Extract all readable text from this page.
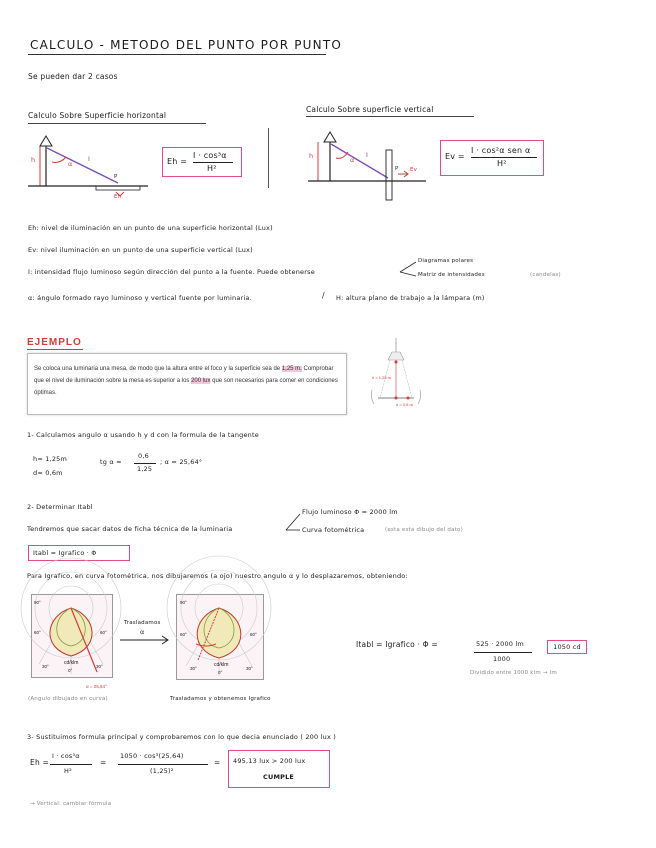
CALCULO - METODO DEL PUNTO POR PUNTO
Se pueden dar 2 casos
Calculo Sobre Superficie horizontal
h	α
I
P
Eh
Eh =
I · cos³α
H²
Calculo Sobre superficie vertical
h	α
I
P Ev
Ev =
I · cos²α sen α
H²
Eh: nivel de iluminación en un punto de una superficie horizontal (Lux)
Ev: nivel iluminación en un punto de una superficie vertical (Lux)
I: intensidad flujo luminoso según dirección del punto a la fuente. Puede obtenerse
Diagramas polares
Matriz de intensidades	(candelas)
α: ángulo formado rayo luminoso y vertical fuente por luminaria.	/ H: altura plano de trabajo a la lámpara (m)
EJEMPLO
Se coloca una luminaria una mesa, de modo que la altura entre el foco y la superficie sea de 1,25 m. Comprobar que el nivel de iluminación sobre la mesa es superior a los 200 lux que son necesarios para comer en condiciones óptimas.
h = 1,25 m
d = 0,6 m
1- Calculamos angulo α usando h y d con la formula de la tangente
h= 1,25m
d= 0,6m
tg α =
0,6
1,25
; α = 25,64°
2- Determinar Itabl
Tendremos que sacar datos de ficha técnica de la luminaria
Flujo luminoso Φ = 2000 lm
Curva fotométrica	(esta esta dibujo del dato)
Itabl = Igrafico · Φ
Para Igrafico, en curva fotométrica, nos dibujaremos (a ojo) nuestro angulo α y lo desplazaremos, obteniendo:
cd/klm
90°
60°
30°
0°
30°
60°
α = 25,64°
Trasladamos
α
cd/klm
90°
60°
30°
0°
30°
60°
(Angulo dibujado en curva)	Trasladamos y obtenemos Igrafico
Itabl = Igrafico · Φ =	525 · 2000 lm
1000
1050 cd
Dividido entre 1000 klm → lm
3- Sustituimos formula principal y comprobaremos con lo que decia enunciado ( 200 lux )
Eh =
I · cos³α
H²
=
1050 · cos³(25,64)
(1,25)²
= 495,13 lux > 200 lux
CUMPLE
→ Vertical: cambiar fórmula
